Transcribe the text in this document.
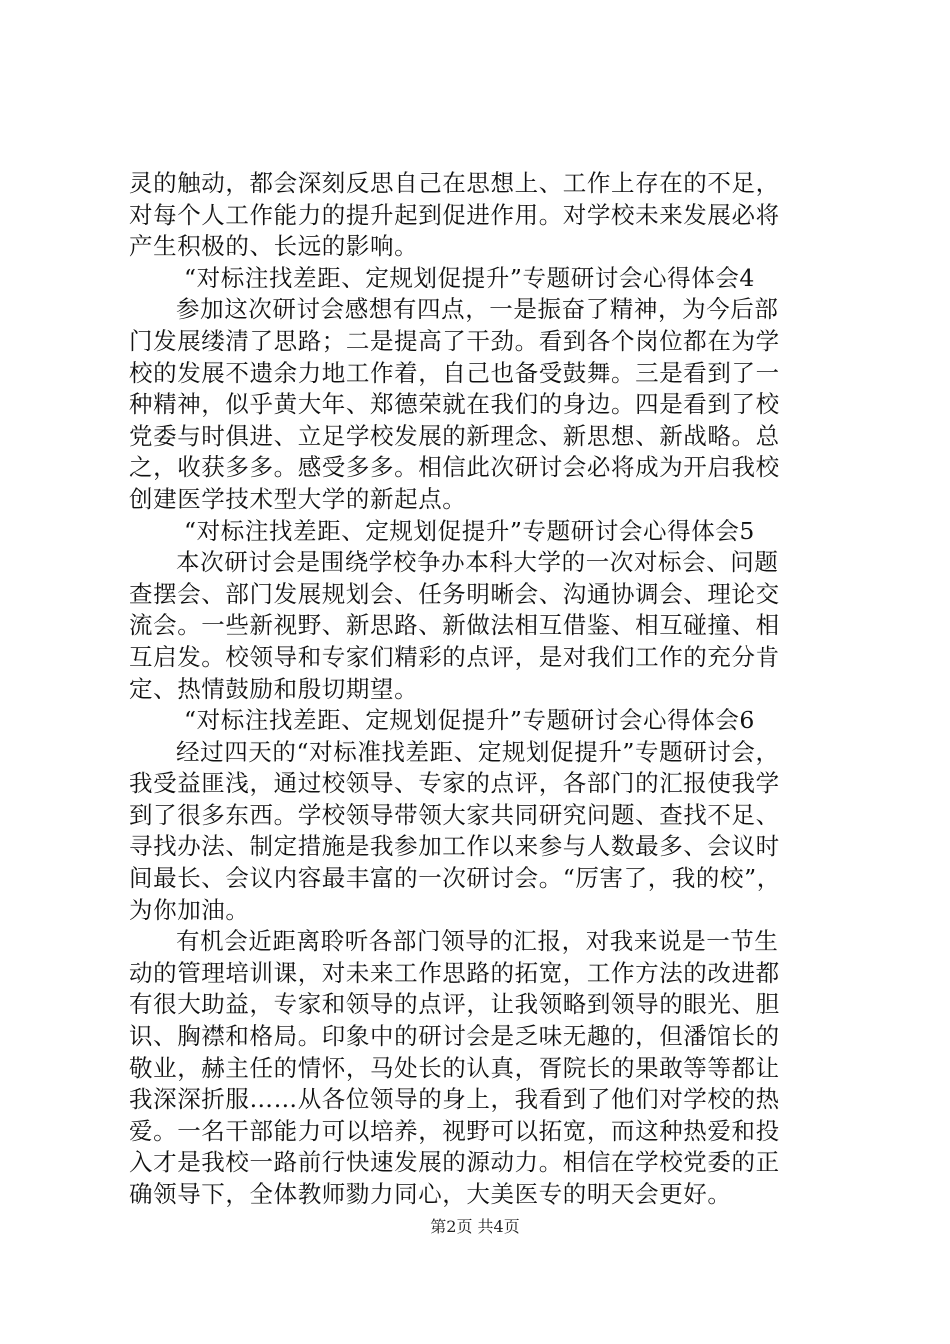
灵的触动，都会深刻反思自己在思想上、工作上存在的不足，
对每个人工作能力的提升起到促进作用。对学校未来发展必将
产生积极的、长远的影响。
“对标注找差距、定规划促提升”专题研讨会心得体会4
参加这次研讨会感想有四点，一是振奋了精神，为今后部
门发展缕清了思路；二是提高了干劲。看到各个岗位都在为学
校的发展不遗余力地工作着，自己也备受鼓舞。三是看到了一
种精神，似乎黄大年、郑德荣就在我们的身边。四是看到了校
党委与时俱进、立足学校发展的新理念、新思想、新战略。总
之，收获多多。感受多多。相信此次研讨会必将成为开启我校
创建医学技术型大学的新起点。
“对标注找差距、定规划促提升”专题研讨会心得体会5
本次研讨会是围绕学校争办本科大学的一次对标会、问题
查摆会、部门发展规划会、任务明晰会、沟通协调会、理论交
流会。一些新视野、新思路、新做法相互借鉴、相互碰撞、相
互启发。校领导和专家们精彩的点评，是对我们工作的充分肯
定、热情鼓励和殷切期望。
“对标注找差距、定规划促提升”专题研讨会心得体会6
经过四天的“对标准找差距、定规划促提升”专题研讨会，
我受益匪浅，通过校领导、专家的点评，各部门的汇报使我学
到了很多东西。学校领导带领大家共同研究问题、查找不足、
寻找办法、制定措施是我参加工作以来参与人数最多、会议时
间最长、会议内容最丰富的一次研讨会。“厉害了，我的校”，
为你加油。
有机会近距离聆听各部门领导的汇报，对我来说是一节生
动的管理培训课，对未来工作思路的拓宽，工作方法的改进都
有很大助益，专家和领导的点评，让我领略到领导的眼光、胆
识、胸襟和格局。印象中的研讨会是乏味无趣的，但潘馆长的
敬业，赫主任的情怀，马处长的认真，胥院长的果敢等等都让
我深深折服……从各位领导的身上，我看到了他们对学校的热
爱。一名干部能力可以培养，视野可以拓宽，而这种热爱和投
入才是我校一路前行快速发展的源动力。相信在学校党委的正
确领导下，全体教师勠力同心，大美医专的明天会更好。
第2页 共4页
